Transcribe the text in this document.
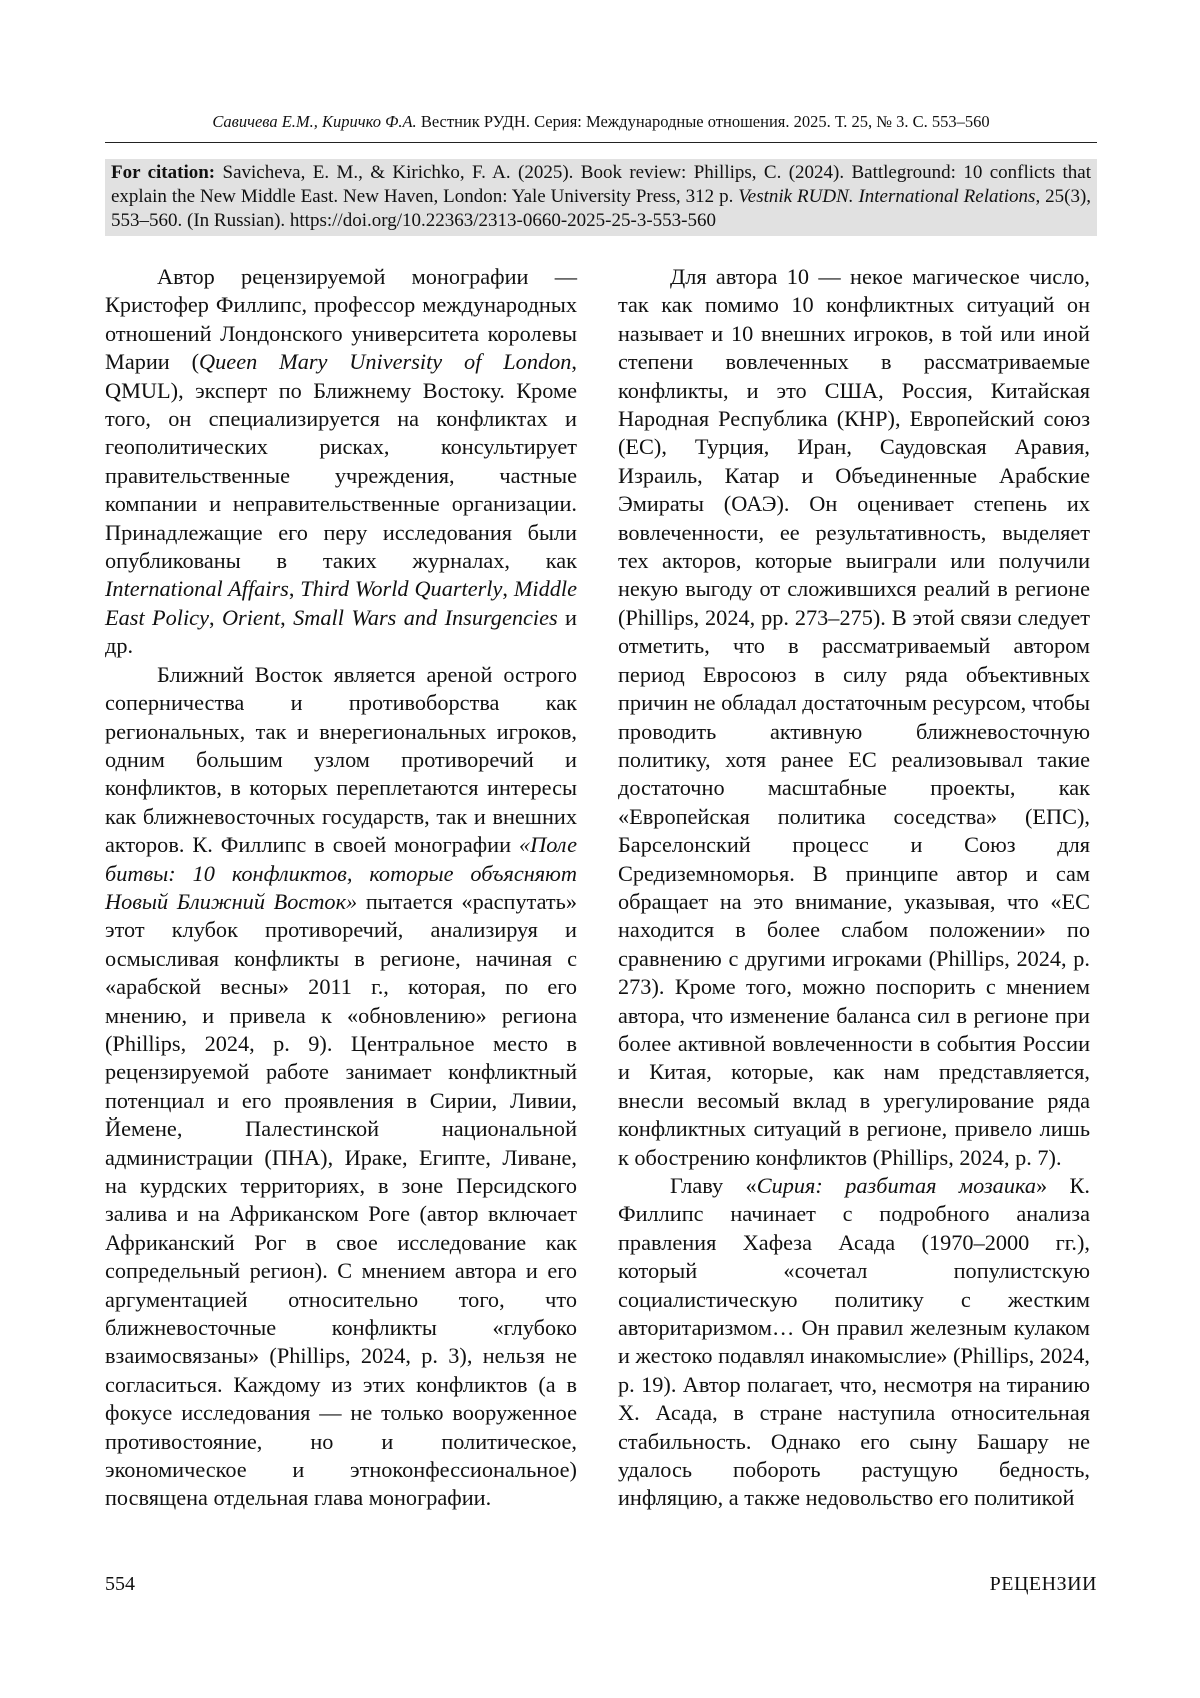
Савичева Е.М., Киричко Ф.А. Вестник РУДН. Серия: Международные отношения. 2025. Т. 25, № 3. С. 553–560

For citation: Savicheva, E. M., & Kirichko, F. A. (2025). Book review: Phillips, C. (2024). Battleground: 10 conflicts that explain the New Middle East. New Haven, London: Yale University Press, 312 p. Vestnik RUDN. International Relations, 25(3), 553–560. (In Russian). https://doi.org/10.22363/2313-0660-2025-25-3-553-560

Автор рецензируемой монографии — Кристофер Филлипс, профессор международных отношений Лондонского университета королевы Марии (Queen Mary University of London, QMUL), эксперт по Ближнему Востоку. Кроме того, он специализируется на конфликтах и геополитических рисках, консультирует правительственные учреждения, частные компании и неправительственные организации. Принадлежащие его перу исследования были опубликованы в таких журналах, как International Affairs, Third World Quarterly, Middle East Policy, Orient, Small Wars and Insurgencies и др.

Ближний Восток является ареной острого соперничества и противоборства как региональных, так и внерегиональных игроков, одним большим узлом противоречий и конфликтов, в которых переплетаются интересы как ближневосточных государств, так и внешних акторов. К. Филлипс в своей монографии «Поле битвы: 10 конфликтов, которые объясняют Новый Ближний Восток» пытается «распутать» этот клубок противоречий, анализируя и осмысливая конфликты в регионе, начиная с «арабской весны» 2011 г., которая, по его мнению, и привела к «обновлению» региона (Phillips, 2024, p. 9). Центральное место в рецензируемой работе занимает конфликтный потенциал и его проявления в Сирии, Ливии, Йемене, Палестинской национальной администрации (ПНА), Ираке, Египте, Ливане, на курдских территориях, в зоне Персидского залива и на Африканском Роге (автор включает Африканский Рог в свое исследование как сопредельный регион). С мнением автора и его аргументацией относительно того, что ближневосточные конфликты «глубоко взаимосвязаны» (Phillips, 2024, p. 3), нельзя не согласиться. Каждому из этих конфликтов (а в фокусе исследования — не только вооруженное противостояние, но и политическое, экономическое и этноконфессиональное) посвящена отдельная глава монографии.

Для автора 10 — некое магическое число, так как помимо 10 конфликтных ситуаций он называет и 10 внешних игроков, в той или иной степени вовлеченных в рассматриваемые конфликты, и это США, Россия, Китайская Народная Республика (КНР), Европейский союз (ЕС), Турция, Иран, Саудовская Аравия, Израиль, Катар и Объединенные Арабские Эмираты (ОАЭ). Он оценивает степень их вовлеченности, ее результативность, выделяет тех акторов, которые выиграли или получили некую выгоду от сложившихся реалий в регионе (Phillips, 2024, pp. 273–275). В этой связи следует отметить, что в рассматриваемый автором период Евросоюз в силу ряда объективных причин не обладал достаточным ресурсом, чтобы проводить активную ближневосточную политику, хотя ранее ЕС реализовывал такие достаточно масштабные проекты, как «Европейская политика соседства» (ЕПС), Барселонский процесс и Союз для Средиземноморья. В принципе автор и сам обращает на это внимание, указывая, что «ЕС находится в более слабом положении» по сравнению с другими игроками (Phillips, 2024, p. 273). Кроме того, можно поспорить с мнением автора, что изменение баланса сил в регионе при более активной вовлеченности в события России и Китая, которые, как нам представляется, внесли весомый вклад в урегулирование ряда конфликтных ситуаций в регионе, привело лишь к обострению конфликтов (Phillips, 2024, p. 7).

Главу «Сирия: разбитая мозаика» К. Филлипс начинает с подробного анализа правления Хафеза Асада (1970–2000 гг.), который «сочетал популистскую социалистическую политику с жестким авторитаризмом… Он правил железным кулаком и жестоко подавлял инакомыслие» (Phillips, 2024, p. 19). Автор полагает, что, несмотря на тиранию Х. Асада, в стране наступила относительная стабильность. Однако его сыну Башару не удалось побороть растущую бедность, инфляцию, а также недовольство его политикой

554	РЕЦЕНЗИИ
